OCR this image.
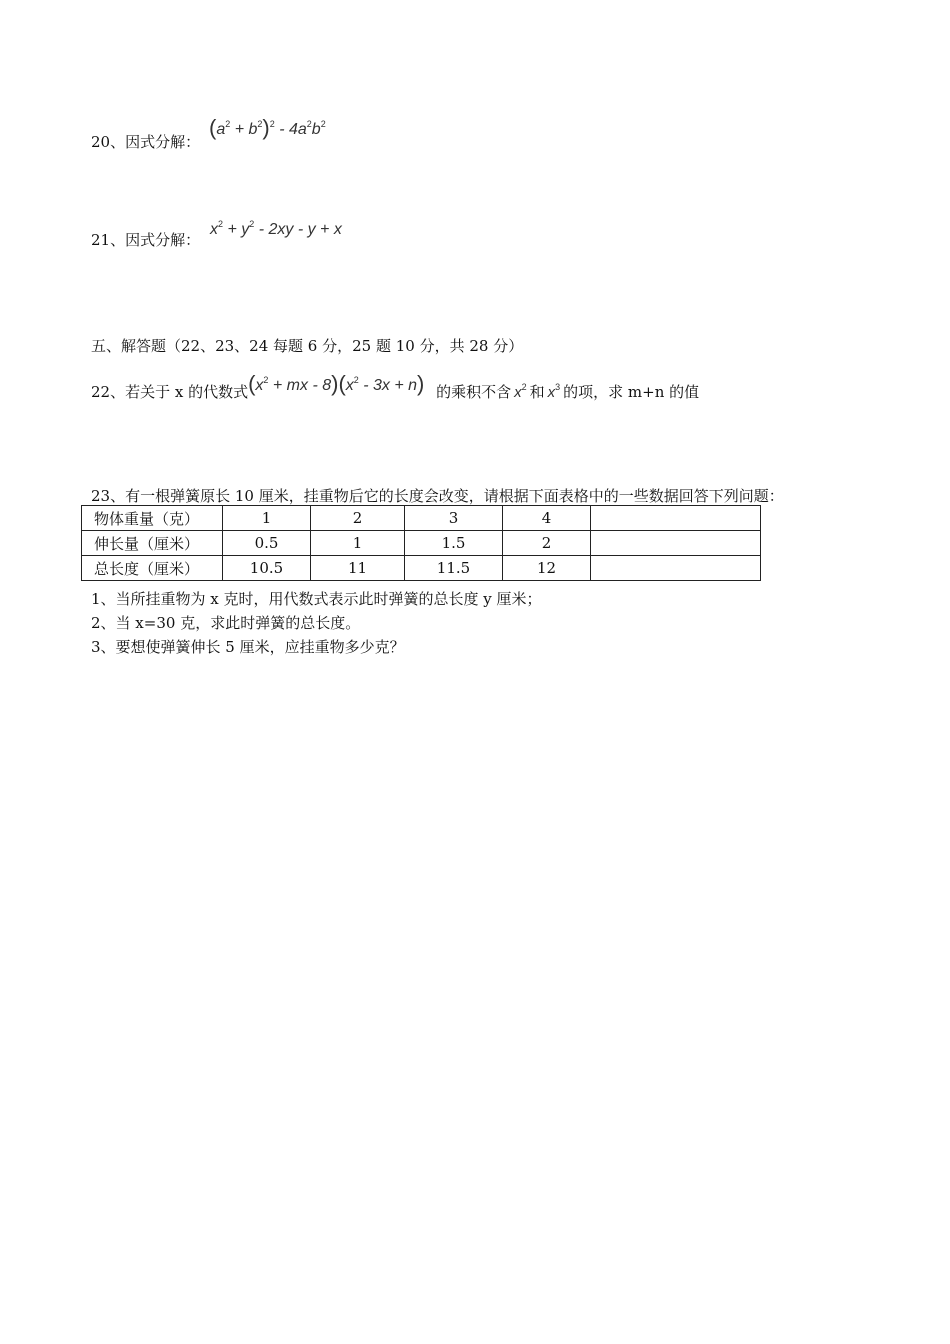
20、因式分解：
$(a^2 + b^2)^2 - 4a^2b^2$
21、因式分解：
$x^2 + y^2 - 2xy - y + x$
五、解答题（22、23、24 每题 6 分，25 题 10 分，共 28 分）
22、若关于 x 的代数式($x^2$ + mx - $8)(x^2 - 3x + n)$ 的乘积不含 $x^2$ 和 $x^3$ 的项，求 m+n 的值
23、有一根弹簧原长 10 厘米，挂重物后它的长度会改变，请根据下面表格中的一些数据回答下列问题：
物体重量（克）	1	2	3	4	
伸长量（厘米）	0.5	1	1.5	2	
总长度（厘米）	10.5	11	11.5	12	
1、当所挂重物为 x 克时，用代数式表示此时弹簧的总长度 y 厘米；
2、当 x=30 克，求此时弹簧的总长度。
3、要想使弹簧伸长 5 厘米，应挂重物多少克？
